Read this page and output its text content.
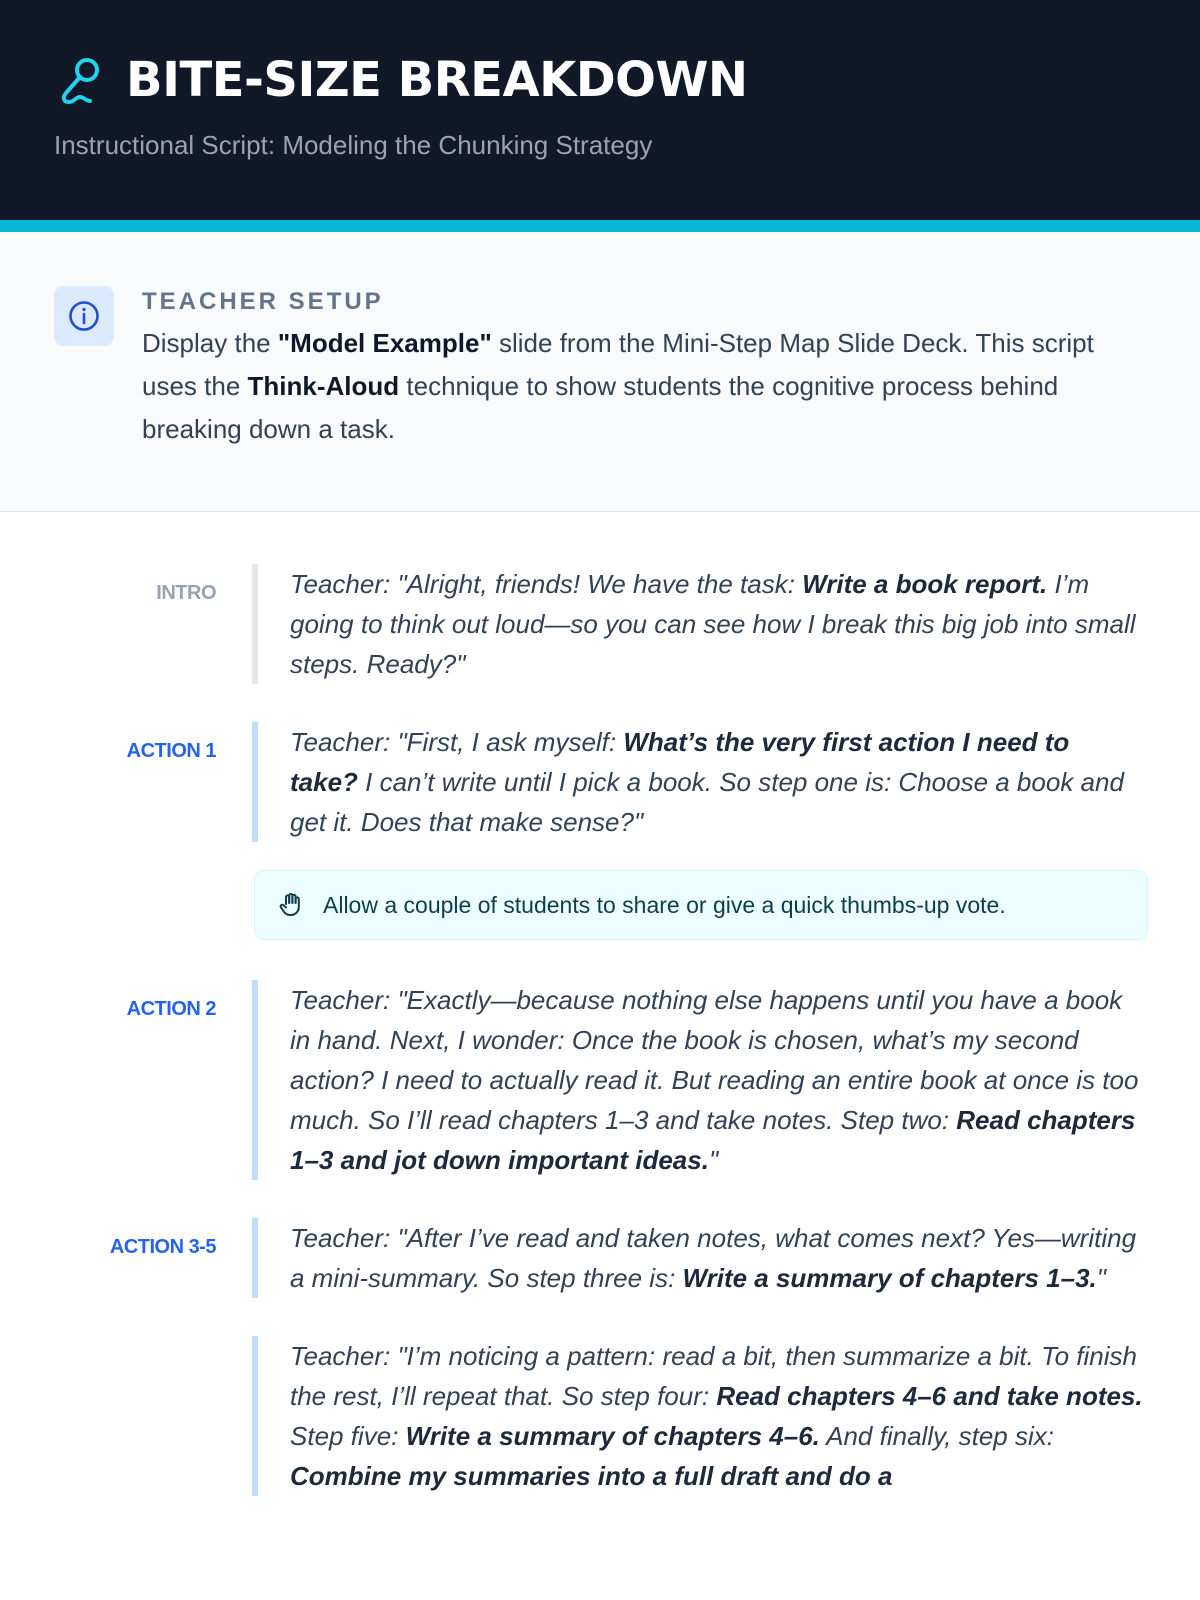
BITE-SIZE BREAKDOWN
Instructional Script: Modeling the Chunking Strategy
TEACHER SETUP
Display the "Model Example" slide from the Mini-Step Map Slide Deck. This script uses the Think-Aloud technique to show students the cognitive process behind breaking down a task.
INTRO	Teacher: "Alright, friends! We have the task: Write a book report. I’m going to think out loud—so you can see how I break this big job into small steps. Ready?"
ACTION 1	Teacher: "First, I ask myself: What’s the very first action I need to take? I can’t write until I pick a book. So step one is: Choose a book and get it. Does that make sense?"
Allow a couple of students to share or give a quick thumbs-up vote.
ACTION 2	Teacher: "Exactly—because nothing else happens until you have a book in hand. Next, I wonder: Once the book is chosen, what’s my second action? I need to actually read it. But reading an entire book at once is too much. So I’ll read chapters 1–3 and take notes. Step two: Read chapters 1–3 and jot down important ideas."
ACTION 3-5	Teacher: "After I’ve read and taken notes, what comes next? Yes—writing a mini-summary. So step three is: Write a summary of chapters 1–3."
Teacher: "I’m noticing a pattern: read a bit, then summarize a bit. To finish the rest, I’ll repeat that. So step four: Read chapters 4–6 and take notes. Step five: Write a summary of chapters 4–6. And finally, step six: Combine my summaries into a full draft and do a
